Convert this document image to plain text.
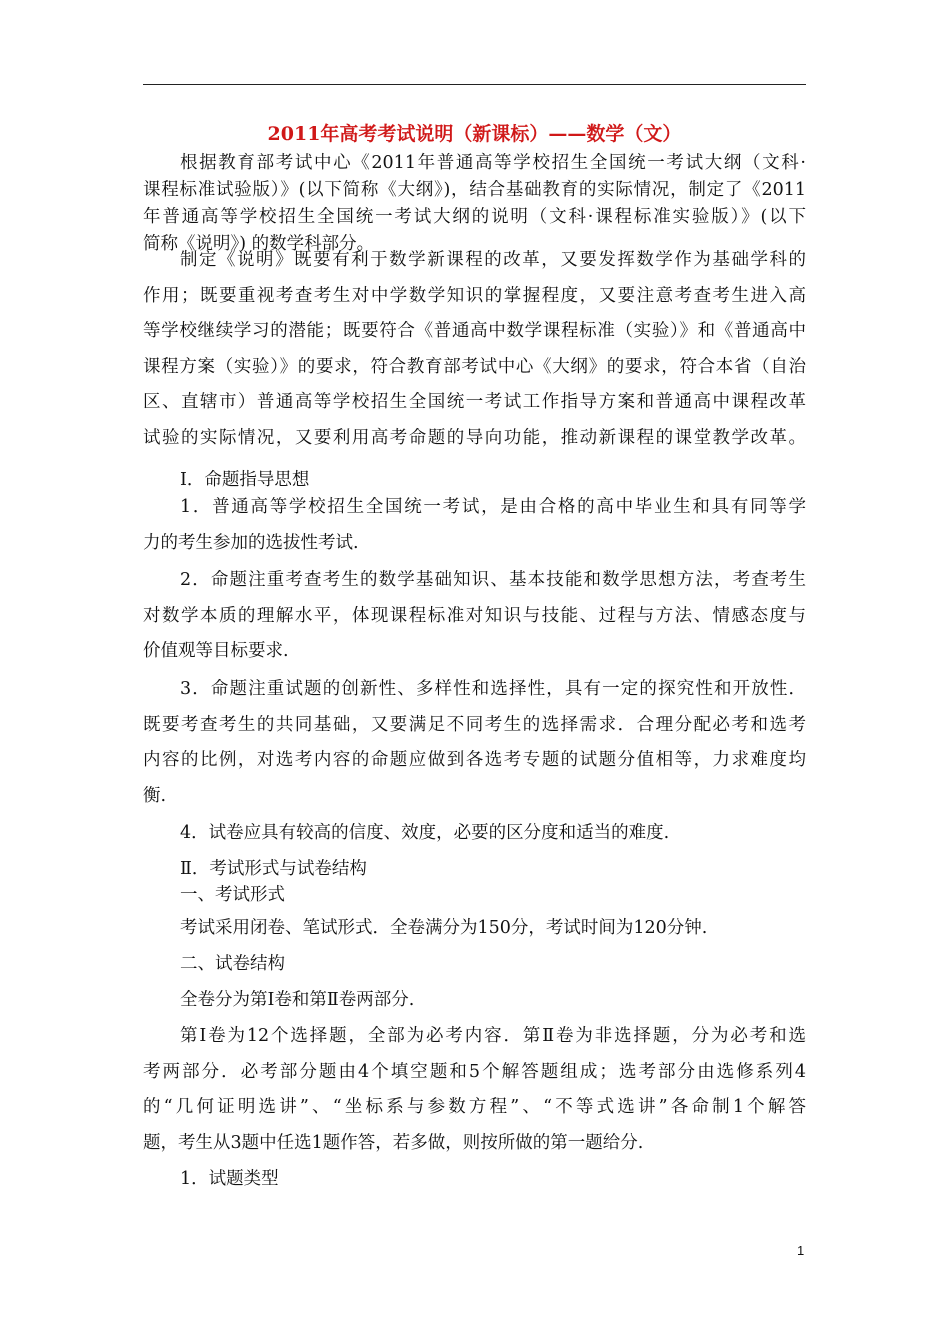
2011年高考考试说明（新课标）——数学（文）
根据教育部考试中心《2011年普通高等学校招生全国统一考试大纲（文科·
课程标准试验版）》(以下简称《大纲》)，结合基础教育的实际情况，制定了《2011
年普通高等学校招生全国统一考试大纲的说明（文科·课程标准实验版）》(以下
简称《说明》) 的数学科部分。
制定《说明》既要有利于数学新课程的改革，又要发挥数学作为基础学科的
作用；既要重视考查考生对中学数学知识的掌握程度，又要注意考查考生进入高
等学校继续学习的潜能；既要符合《普通高中数学课程标准（实验）》和《普通高中
课程方案（实验）》的要求，符合教育部考试中心《大纲》的要求，符合本省（自治
区、直辖市）普通高等学校招生全国统一考试工作指导方案和普通高中课程改革
试验的实际情况，又要利用高考命题的导向功能，推动新课程的课堂教学改革。
Ⅰ．命题指导思想
1．普通高等学校招生全国统一考试，是由合格的高中毕业生和具有同等学
力的考生参加的选拔性考试.
2．命题注重考查考生的数学基础知识、基本技能和数学思想方法，考查考生
对数学本质的理解水平，体现课程标准对知识与技能、过程与方法、情感态度与
价值观等目标要求.
3．命题注重试题的创新性、多样性和选择性，具有一定的探究性和开放性．
既要考查考生的共同基础，又要满足不同考生的选择需求．合理分配必考和选考
内容的比例，对选考内容的命题应做到各选考专题的试题分值相等，力求难度均
衡.
4．试卷应具有较高的信度、效度，必要的区分度和适当的难度.
Ⅱ．考试形式与试卷结构
一、考试形式
考试采用闭卷、笔试形式．全卷满分为150分，考试时间为120分钟.
二、试卷结构
全卷分为第Ⅰ卷和第Ⅱ卷两部分.
第Ⅰ卷为12个选择题，全部为必考内容．第Ⅱ卷为非选择题，分为必考和选
考两部分．必考部分题由4个填空题和5个解答题组成；选考部分由选修系列4
的“几何证明选讲”、“坐标系与参数方程”、“不等式选讲”各命制1个解答
题，考生从3题中任选1题作答，若多做，则按所做的第一题给分.
1．试题类型
1
